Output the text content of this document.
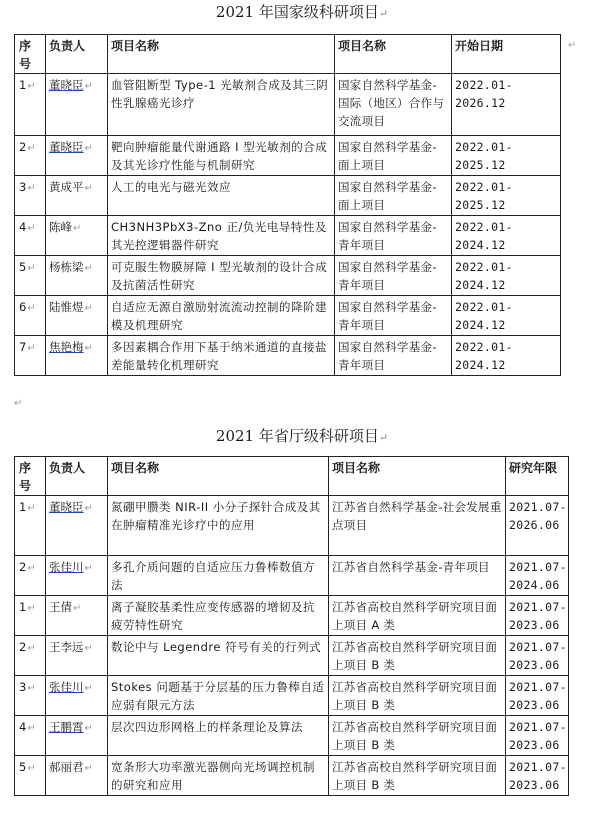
2021 年国家级科研项目↵
序号	负责人	项目名称	项目名称	开始日期
1↵	董晓臣↵	血管阻断型 Type-1 光敏剂合成及其三阴性乳腺癌光诊疗	国家自然科学基金-国际（地区）合作与交流项目	2022.01-2026.12
2↵	董晓臣↵	靶向肿瘤能量代谢通路 I 型光敏剂的合成及其光诊疗性能与机制研究	国家自然科学基金-面上项目	2022.01-2025.12
3↵	黄成平↵	人工的电光与磁光效应	国家自然科学基金-面上项目	2022.01-2025.12
4↵	陈峰↵	CH3NH3PbX3-Zno 正/负光电导特性及其光控逻辑器件研究	国家自然科学基金-青年项目	2022.01-2024.12
5↵	杨栋梁↵	可克服生物膜屏障 I 型光敏剂的设计合成及抗菌活性研究	国家自然科学基金-青年项目	2022.01-2024.12
6↵	陆惟煜↵	自适应无源自激励射流流动控制的降阶建模及机理研究	国家自然科学基金-青年项目	2022.01-2024.12
7↵	焦艳梅↵	多因素耦合作用下基于纳米通道的直接盐差能量转化机理研究	国家自然科学基金-青年项目	2022.01-2024.12
↵
↵
2021 年省厅级科研项目↵
序号	负责人	项目名称	项目名称	研究年限
1↵	董晓臣↵	氮硼甲臜类 NIR-II 小分子探针合成及其在肿瘤精准光诊疗中的应用	江苏省自然科学基金-社会发展重点项目	2021.07-2026.06
2↵	张佳川↵	多孔介质问题的自适应压力鲁棒数值方法	江苏省自然科学基金-青年项目	2021.07-2024.06
1↵	王倩↵	离子凝胶基柔性应变传感器的增韧及抗疲劳特性研究	江苏省高校自然科学研究项目面上项目 A 类	2021.07-2023.06
2↵	王李远↵	数论中与 Legendre 符号有关的行列式	江苏省高校自然科学研究项目面上项目 B 类	2021.07-2023.06
3↵	张佳川↵	Stokes 问题基于分层基的压力鲁棒自适应弱有限元方法	江苏省高校自然科学研究项目面上项目 B 类	2021.07-2023.06
4↵	王鹏霄↵	层次四边形网格上的样条理论及算法	江苏省高校自然科学研究项目面上项目 B 类	2021.07-2023.06
5↵	郝丽君↵	宽条形大功率激光器侧向光场调控机制的研究和应用	江苏省高校自然科学研究项目面上项目 B 类	2021.07-2023.06
